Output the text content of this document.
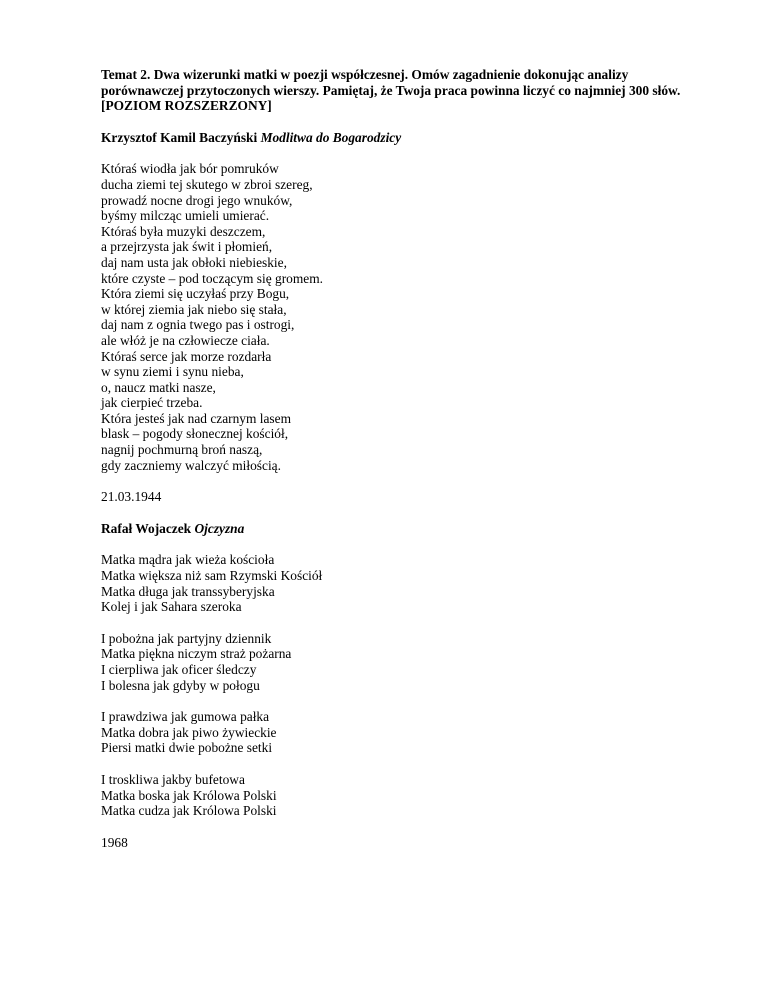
Temat 2. Dwa wizerunki matki w poezji współczesnej. Omów zagadnienie dokonując analizy
porównawczej przytoczonych wierszy. Pamiętaj, że Twoja praca powinna liczyć co najmniej 300 słów.
[POZIOM ROZSZERZONY]
Krzysztof Kamil Baczyński Modlitwa do Bogarodzicy
Któraś wiodła jak bór pomruków
ducha ziemi tej skutego w zbroi szereg,
prowadź nocne drogi jego wnuków,
byśmy milcząc umieli umierać.
Któraś była muzyki deszczem,
a przejrzysta jak świt i płomień,
daj nam usta jak obłoki niebieskie,
które czyste – pod toczącym się gromem.
Która ziemi się uczyłaś przy Bogu,
w której ziemia jak niebo się stała,
daj nam z ognia twego pas i ostrogi,
ale włóż je na człowiecze ciała.
Któraś serce jak morze rozdarła
w synu ziemi i synu nieba,
o, naucz matki nasze,
jak cierpieć trzeba.
Która jesteś jak nad czarnym lasem
blask – pogody słonecznej kościół,
nagnij pochmurną broń naszą,
gdy zaczniemy walczyć miłością.
21.03.1944
Rafał Wojaczek Ojczyzna
Matka mądra jak wieża kościoła
Matka większa niż sam Rzymski Kościół
Matka długa jak transsyberyjska
Kolej i jak Sahara szeroka
I pobożna jak partyjny dziennik
Matka piękna niczym straż pożarna
I cierpliwa jak oficer śledczy
I bolesna jak gdyby w połogu
I prawdziwa jak gumowa pałka
Matka dobra jak piwo żywieckie
Piersi matki dwie pobożne setki
I troskliwa jakby bufetowa
Matka boska jak Królowa Polski
Matka cudza jak Królowa Polski
1968
